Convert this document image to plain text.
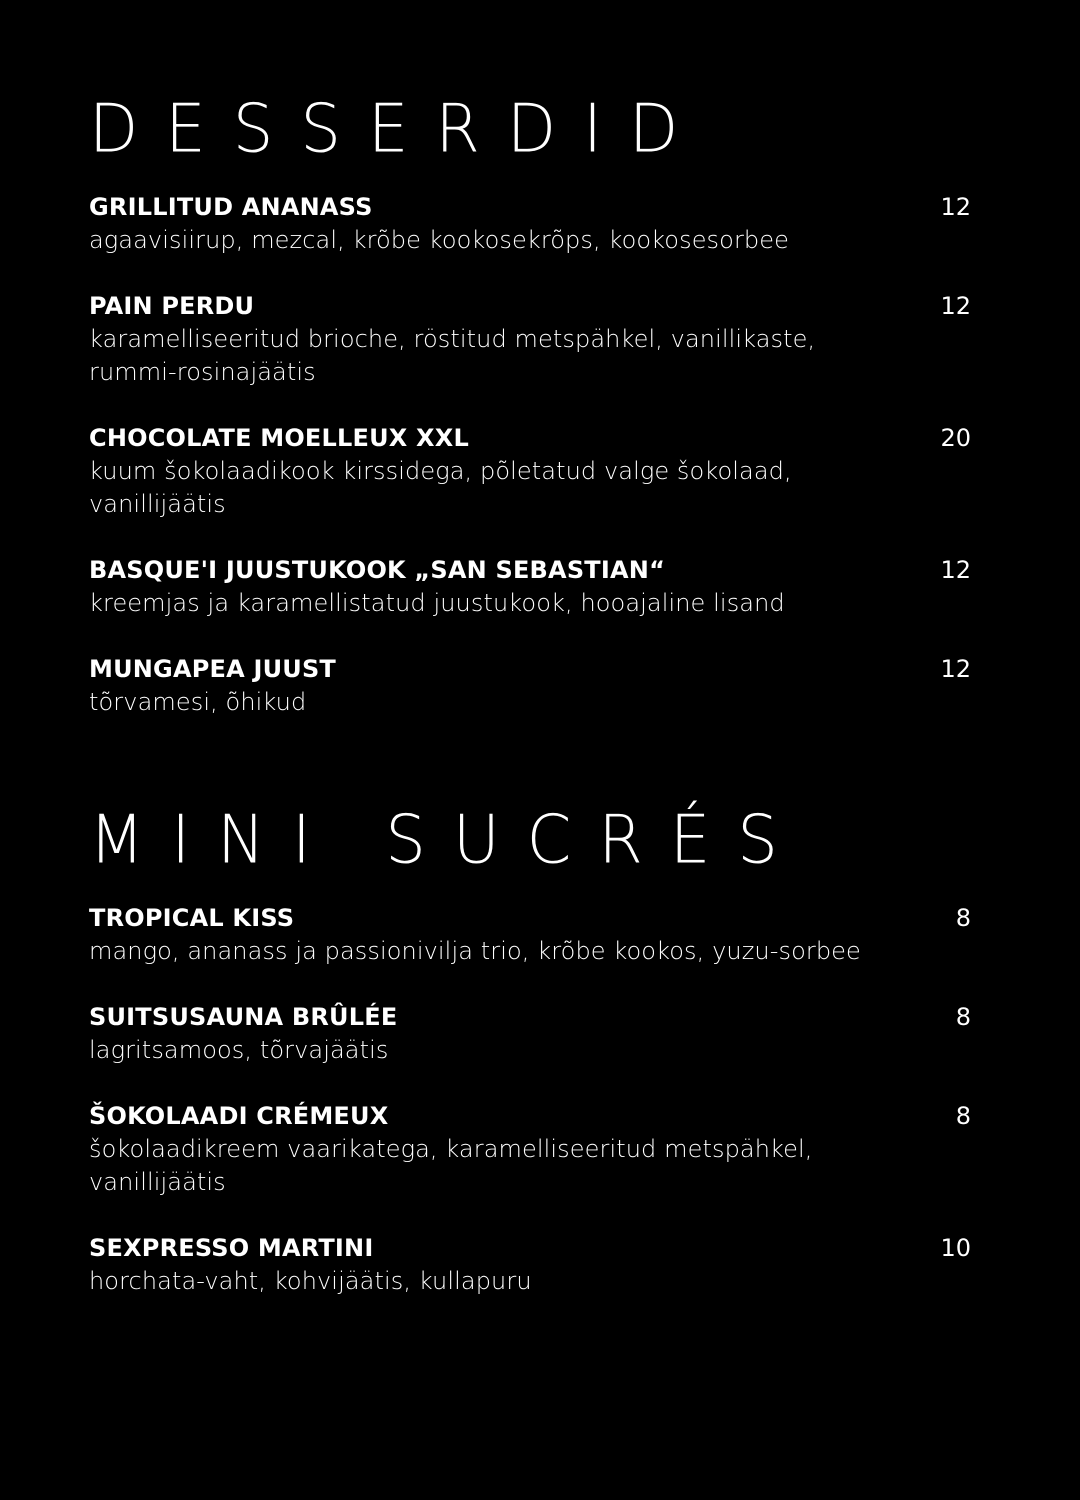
DESSERDID
GRILLITUD ANANASS	12
agaavisiirup, mezcal, krõbe kookosekrõps, kookosesorbee
PAIN PERDU	12
karamelliseeritud brioche, röstitud metspähkel, vanillikaste, rummi-rosinajäätis
CHOCOLATE MOELLEUX XXL	20
kuum šokolaadikook kirssidega, põletatud valge šokolaad, vanillijäätis
BASQUE'I JUUSTUKOOK „SAN SEBASTIAN“	12
kreemjas ja karamellistatud juustukook, hooajaline lisand
MUNGAPEA JUUST	12
tõrvamesi, õhikud
MINI SUCRÉS
TROPICAL KISS	8
mango, ananass ja passionivilja trio, krõbe kookos, yuzu-sorbee
SUITSUSAUNA BRÛLÉE	8
lagritsamoos, tõrvajäätis
ŠOKOLAADI CRÉMEUX	8
šokolaadikreem vaarikatega, karamelliseeritud metspähkel, vanillijäätis
SEXPRESSO MARTINI	10
horchata-vaht, kohvijäätis, kullapuru
